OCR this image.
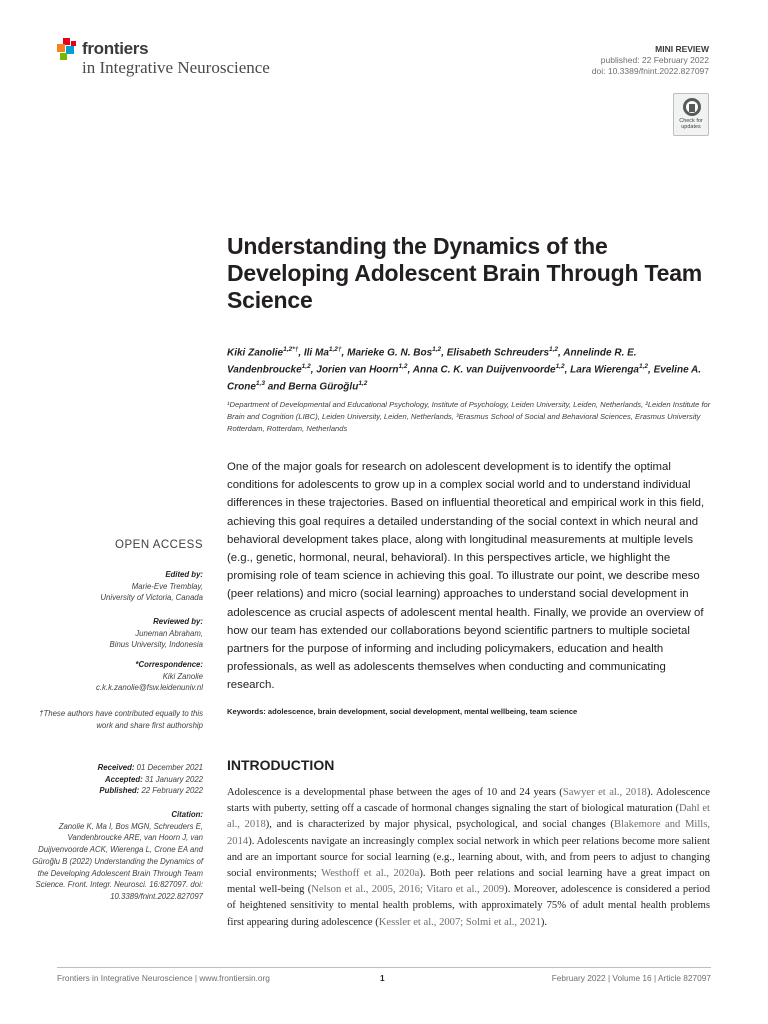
frontiers
in Integrative Neuroscience
MINI REVIEW
published: 22 February 2022
doi: 10.3389/fnint.2022.827097
Check for updates
Understanding the Dynamics of the Developing Adolescent Brain Through Team Science
Kiki Zanolie$^{1,2*\dagger}$, Ili $Ma^{1,2\dagger}$, Marieke G. N. Bos$^{1,2}$, Elisabeth Schreuders$^{1,2}$, Annelinde R. E. Vandenbroucke$^{1,2}$, Jorien van Hoorn$^{1,2}$, Anna C. K. van Duijvenvoorde$^{1,2}$, Lara Wierenga$^{1,2}$, Eveline A. Crone$^{1,3}$ and Berna Güroğlu$^{1,2}$
¹Department of Developmental and Educational Psychology, Institute of Psychology, Leiden University, Leiden, Netherlands, ²Leiden Institute for Brain and Cognition (LIBC), Leiden University, Leiden, Netherlands, ³Erasmus School of Social and Behavioral Sciences, Erasmus University Rotterdam, Rotterdam, Netherlands

One of the major goals for research on adolescent development is to identify the optimal conditions for adolescents to grow up in a complex social world and to understand individual differences in these trajectories. Based on influential theoretical and empirical work in this field, achieving this goal requires a detailed understanding of the social context in which neural and behavioral development takes place, along with longitudinal measurements at multiple levels (e.g., genetic, hormonal, neural, behavioral). In this perspectives article, we highlight the promising role of team science in achieving this goal. To illustrate our point, we describe meso (peer relations) and micro (social learning) approaches to understand social development in adolescence as crucial aspects of adolescent mental health. Finally, we provide an overview of how our team has extended our collaborations beyond scientific partners to multiple societal partners for the purpose of informing and including policymakers, education and health professionals, as well as adolescents themselves when conducting and communicating research.

Keywords: adolescence, brain development, social development, mental wellbeing, team science
INTRODUCTION

Adolescence is a developmental phase between the ages of 10 and 24 years (Sawyer et al., 2018). Adolescence starts with puberty, setting off a cascade of hormonal changes signaling the start of biological maturation (Dahl et al., 2018), and is characterized by major physical, psychological, and social changes (Blakemore and Mills, 2014). Adolescents navigate an increasingly complex social network in which peer relations become more salient and are an important source for social learning (e.g., learning about, with, and from peers to adjust to changing social environments; Westhoff et al., 2020a). Both peer relations and social learning have a great impact on mental well-being (Nelson et al., 2005, 2016; Vitaro et al., 2009). Moreover, adolescence is considered a period of heightened sensitivity to mental health problems, with approximately 75% of adult mental health problems first appearing during adolescence (Kessler et al., 2007; Solmi et al., 2021).

OPEN ACCESS
Edited by:
Marie-Eve Tremblay,
University of Victoria, Canada
Reviewed by:
Juneman Abraham,
Binus University, Indonesia
*Correspondence:
Kiki Zanolie
c.k.k.zanolie@fsw.leidenuniv.nl
†These authors have contributed equally to this work and share first authorship
Received: 01 December 2021
Accepted: 31 January 2022
Published: 22 February 2022
Citation:
Zanolie K, Ma I, Bos MGN, Schreuders E, Vandenbroucke ARE, van Hoorn J, van Duijvenvoorde ACK, Wierenga L, Crone EA and Güroğlu B (2022) Understanding the Dynamics of the Developing Adolescent Brain Through Team Science. Front. Integr. Neurosci. 16:827097. doi: 10.3389/fnint.2022.827097
Frontiers in Integrative Neuroscience | www.frontiersin.org	1	February 2022 | Volume 16 | Article 827097
